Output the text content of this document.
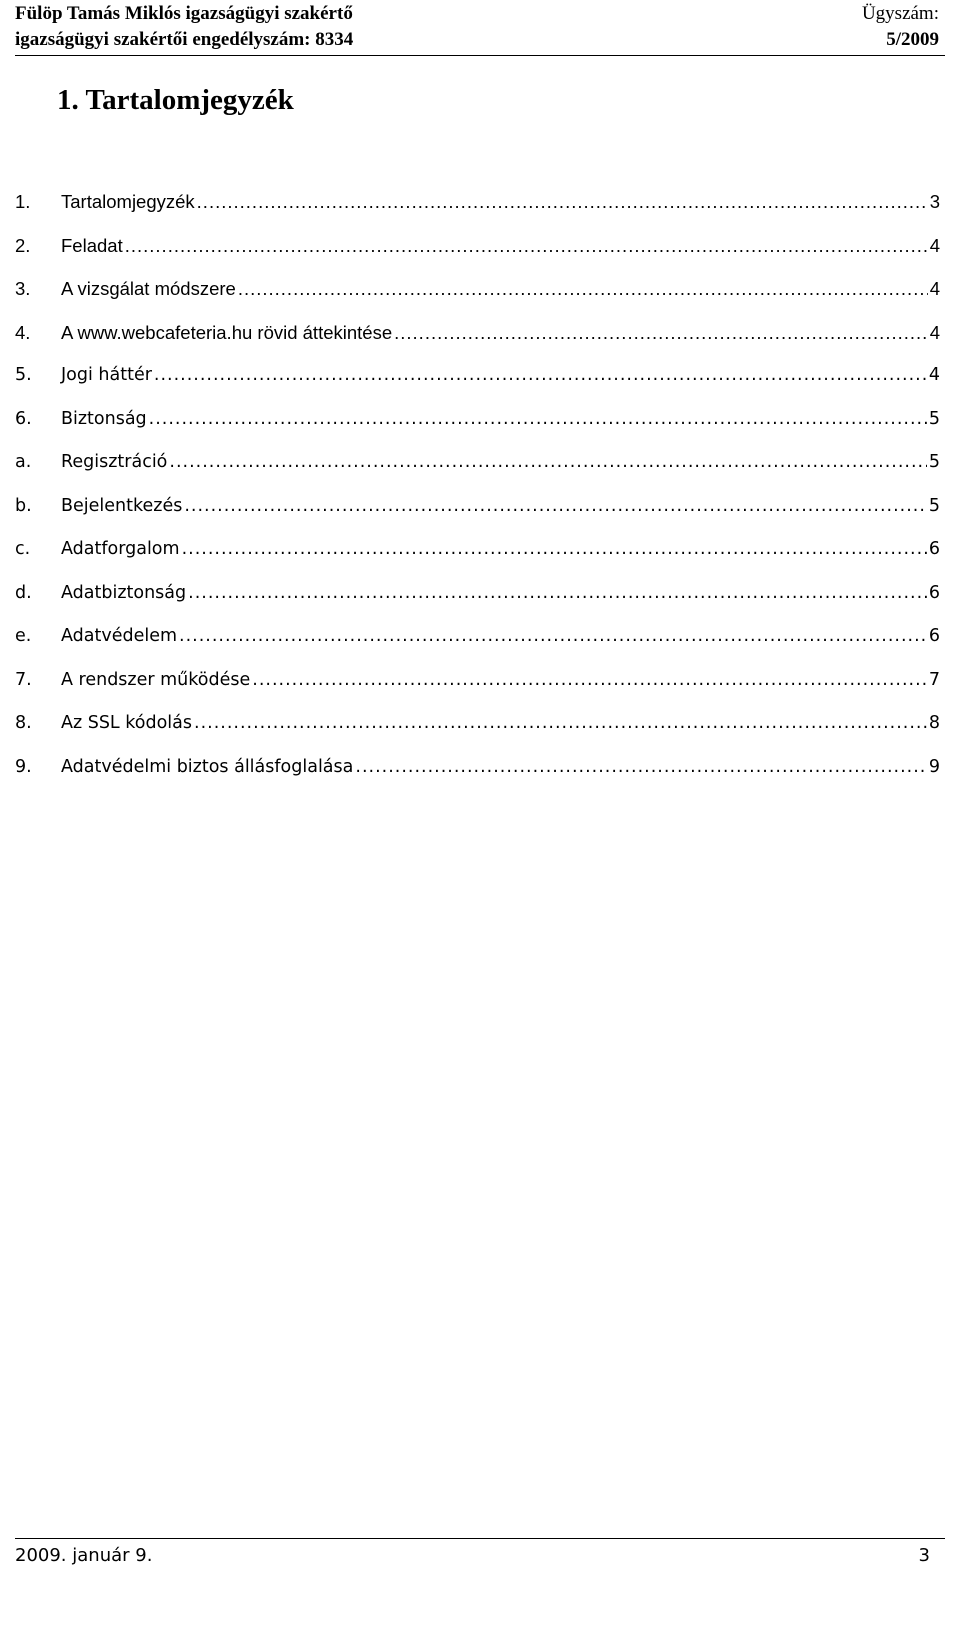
Fülöp Tamás Miklós igazságügyi szakértő	Ügyszám:
igazságügyi szakértői engedélyszám: 8334	5/2009
1. Tartalomjegyzék
1.	Tartalomjegyzék .....	3
2.	Feladat .....	4
3.	A vizsgálat módszere .....	4
4.	A www.webcafeteria.hu rövid áttekintése .....	4
5.	Jogi háttér .....	4
6.	Biztonság .....	5
a.	Regisztráció .....	5
b.	Bejelentkezés .....	5
c.	Adatforgalom .....	6
d.	Adatbiztonság .....	6
e.	Adatvédelem .....	6
7.	A rendszer működése .....	7
8.	Az SSL kódolás .....	8
9.	Adatvédelmi biztos állásfoglalása .....	9
2009. január 9.	3
